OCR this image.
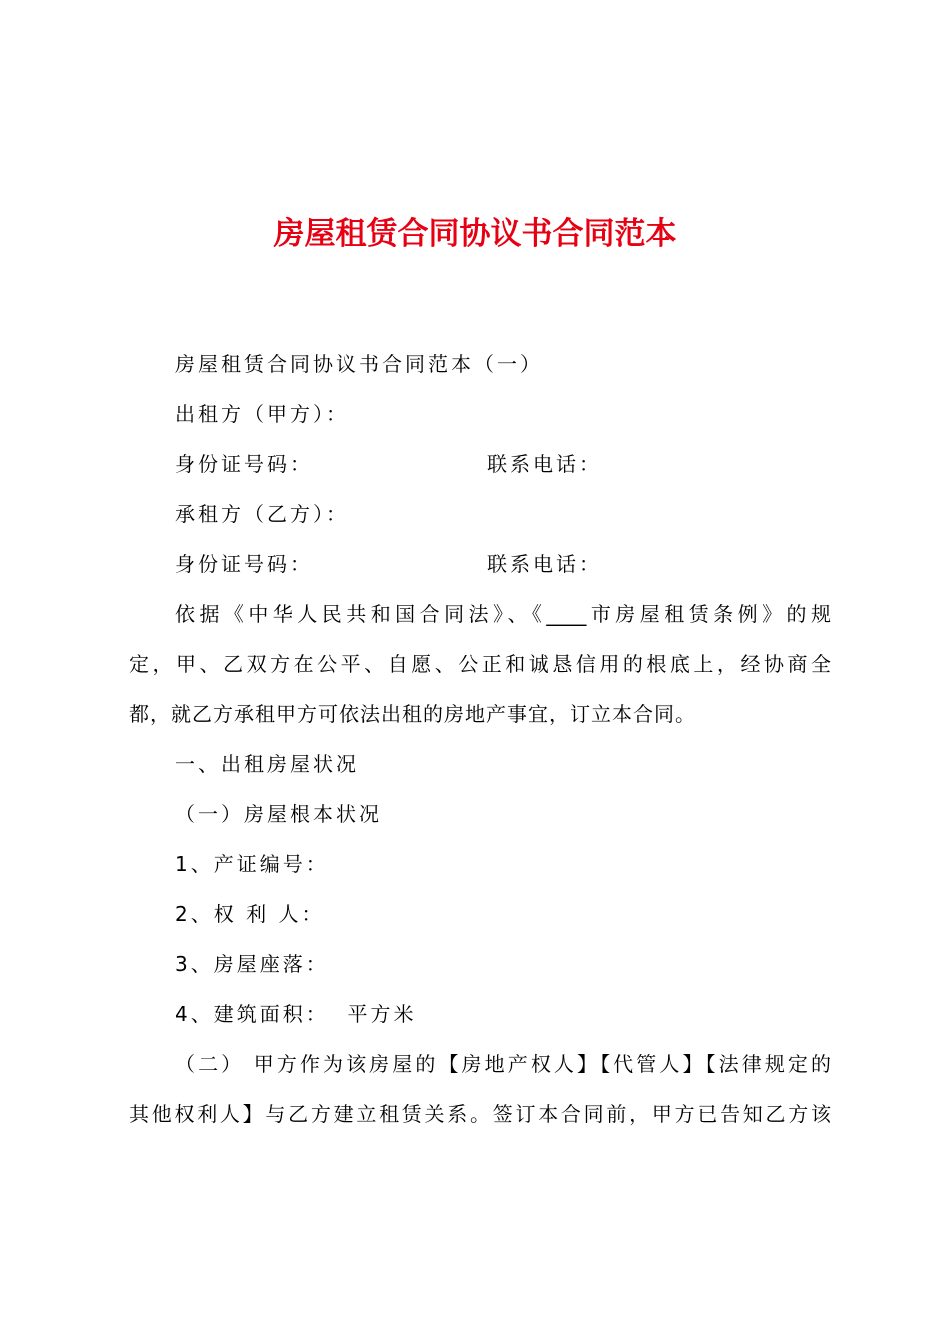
房屋租赁合同协议书合同范本
房屋租赁合同协议书合同范本（一）
出租方（甲方）：
身份证号码：	联系电话：
承租方（乙方）：
身份证号码：	联系电话：
依据《中华人民共和国合同法》、《____市房屋租赁条例》的规
定，甲、乙双方在公平、自愿、公正和诚恳信用的根底上，经协商全
都，就乙方承租甲方可依法出租的房地产事宜，订立本合同。
一、出租房屋状况
（一）房屋根本状况
1、产证编号：
2、权 利 人：
3、房屋座落：
4、建筑面积：  平方米
（二） 甲方作为该房屋的【房地产权人】【代管人】【法律规定的
其他权利人】与乙方建立租赁关系。签订本合同前，甲方已告知乙方该
